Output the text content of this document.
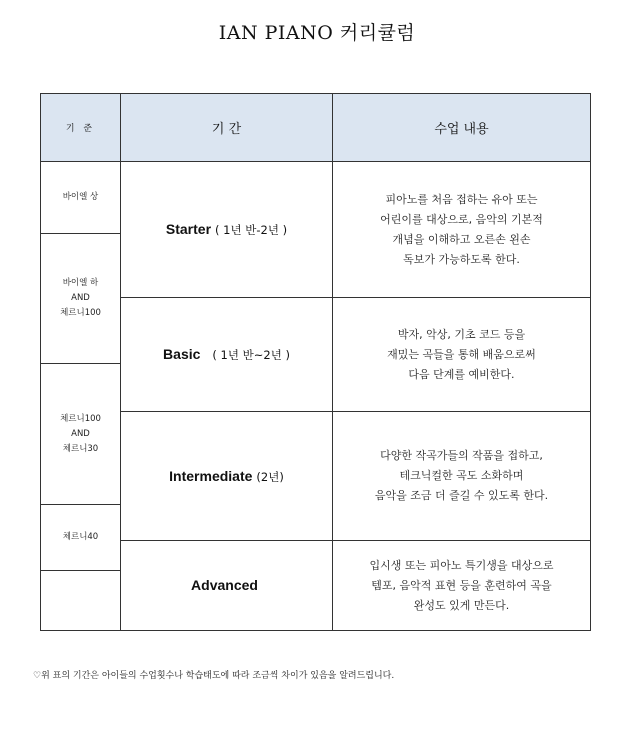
IAN PIANO 커리큘럼
기 준	기 간	수업 내용
바이엘 상
바이엘 하
AND
체르니100
체르니100
AND
체르니30
체르니40
Starter ( 1년 반-2년 )
Basic ( 1년 반~2년 )
Intermediate (2년)
Advanced
피아노를 처음 접하는 유아 또는
어린이를 대상으로, 음악의 기본적
개념을 이해하고 오른손 왼손
독보가 가능하도록 한다.
박자, 악상, 기초 코드 등을
재밌는 곡들을 통해 배움으로써
다음 단계를 예비한다.
다양한 작곡가들의 작품을 접하고,
테크닉컬한 곡도 소화하며
음악을 조금 더 즐길 수 있도록 한다.
입시생 또는 피아노 특기생을 대상으로
템포, 음악적 표현 등을 훈련하여 곡을
완성도 있게 만든다.
♡위 표의 기간은 아이들의 수업횟수나 학습태도에 따라 조금씩 차이가 있음을 알려드립니다.
